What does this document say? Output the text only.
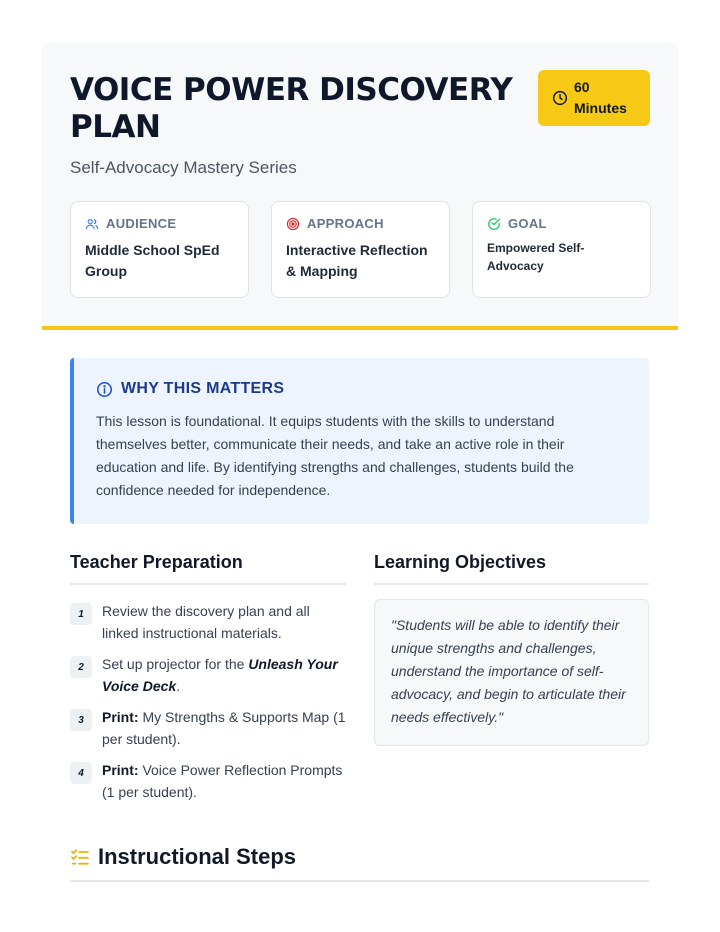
VOICE POWER DISCOVERY PLAN
Self-Advocacy Mastery Series
60
Minutes
AUDIENCE
Middle School SpEd Group
APPROACH
Interactive Reflection & Mapping
GOAL
Empowered Self-Advocacy
WHY THIS MATTERS

This lesson is foundational. It equips students with the skills to understand themselves better, communicate their needs, and take an active role in their education and life. By identifying strengths and challenges, students build the confidence needed for independence.

Teacher Preparation
1	Review the discovery plan and all linked instructional materials.
2	Set up projector for the Unleash Your Voice Deck.
3	Print: My Strengths & Supports Map (1 per student).
4	Print: Voice Power Reflection Prompts (1 per student).
Learning Objectives
"Students will be able to identify their unique strengths and challenges, understand the importance of self-advocacy, and begin to articulate their needs effectively."
Instructional Steps
